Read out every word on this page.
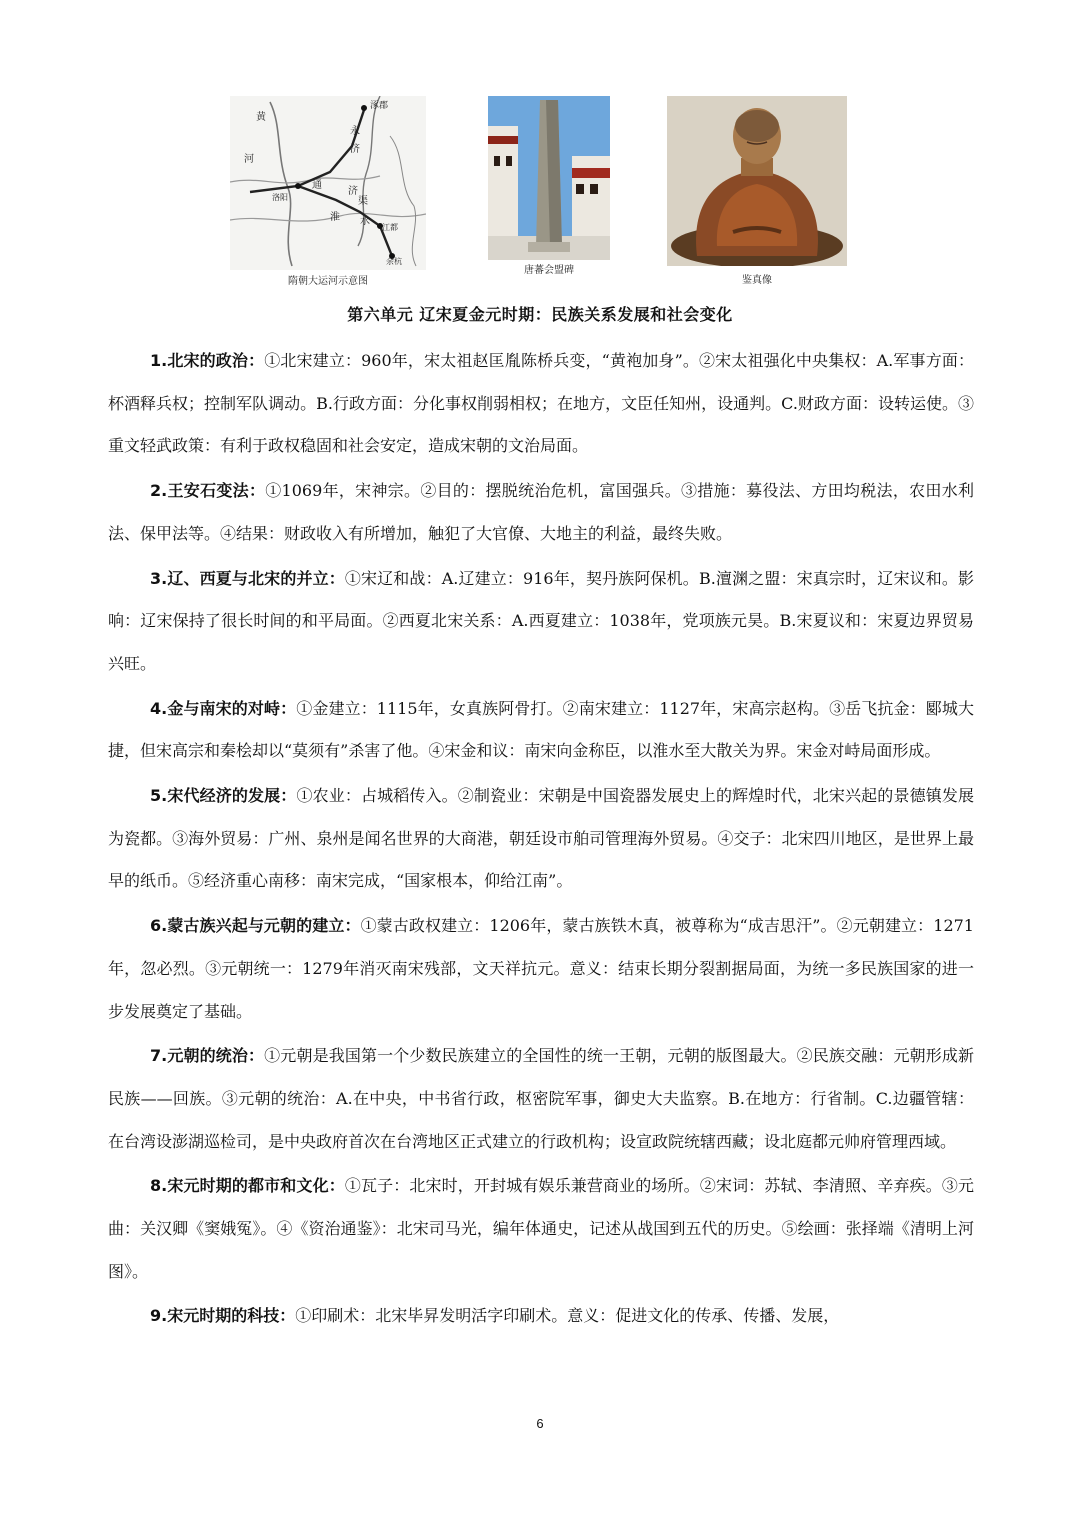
涿郡
黄
永
济
河
通
济
渠
淮 水
江都
余杭
洛阳
隋朝大运河示意图
唐蕃会盟碑
鉴真像
第六单元 辽宋夏金元时期：民族关系发展和社会变化

1.北宋的政治：①北宋建立：960年，宋太祖赵匡胤陈桥兵变，“黄袍加身”。②宋太祖强化中央集权：A.军事方面：杯酒释兵权；控制军队调动。B.行政方面：分化事权削弱相权；在地方，文臣任知州，设通判。C.财政方面：设转运使。③重文轻武政策：有利于政权稳固和社会安定，造成宋朝的文治局面。

2.王安石变法：①1069年，宋神宗。②目的：摆脱统治危机，富国强兵。③措施：募役法、方田均税法，农田水利法、保甲法等。④结果：财政收入有所增加，触犯了大官僚、大地主的利益，最终失败。

3.辽、西夏与北宋的并立：①宋辽和战：A.辽建立：916年，契丹族阿保机。B.澶渊之盟：宋真宗时，辽宋议和。影响：辽宋保持了很长时间的和平局面。②西夏北宋关系：A.西夏建立：1038年，党项族元昊。B.宋夏议和：宋夏边界贸易兴旺。

4.金与南宋的对峙：①金建立：1115年，女真族阿骨打。②南宋建立：1127年，宋高宗赵构。③岳飞抗金：郾城大捷，但宋高宗和秦桧却以“莫须有”杀害了他。④宋金和议：南宋向金称臣，以淮水至大散关为界。宋金对峙局面形成。

5.宋代经济的发展：①农业：占城稻传入。②制瓷业：宋朝是中国瓷器发展史上的辉煌时代，北宋兴起的景德镇发展为瓷都。③海外贸易：广州、泉州是闻名世界的大商港，朝廷设市舶司管理海外贸易。④交子：北宋四川地区，是世界上最早的纸币。⑤经济重心南移：南宋完成，“国家根本，仰给江南”。

6.蒙古族兴起与元朝的建立：①蒙古政权建立：1206年，蒙古族铁木真，被尊称为“成吉思汗”。②元朝建立：1271年，忽必烈。③元朝统一：1279年消灭南宋残部，文天祥抗元。意义：结束长期分裂割据局面，为统一多民族国家的进一步发展奠定了基础。

7.元朝的统治：①元朝是我国第一个少数民族建立的全国性的统一王朝，元朝的版图最大。②民族交融：元朝形成新民族——回族。③元朝的统治：A.在中央，中书省行政，枢密院军事，御史大夫监察。B.在地方：行省制。C.边疆管辖：在台湾设澎湖巡检司，是中央政府首次在台湾地区正式建立的行政机构；设宣政院统辖西藏；设北庭都元帅府管理西域。

8.宋元时期的都市和文化：①瓦子：北宋时，开封城有娱乐兼营商业的场所。②宋词：苏轼、李清照、辛弃疾。③元曲：关汉卿《窦娥冤》。④《资治通鉴》：北宋司马光，编年体通史，记述从战国到五代的历史。⑤绘画：张择端《清明上河图》。

9.宋元时期的科技：①印刷术：北宋毕昇发明活字印刷术。意义：促进文化的传承、传播、发展，

6
